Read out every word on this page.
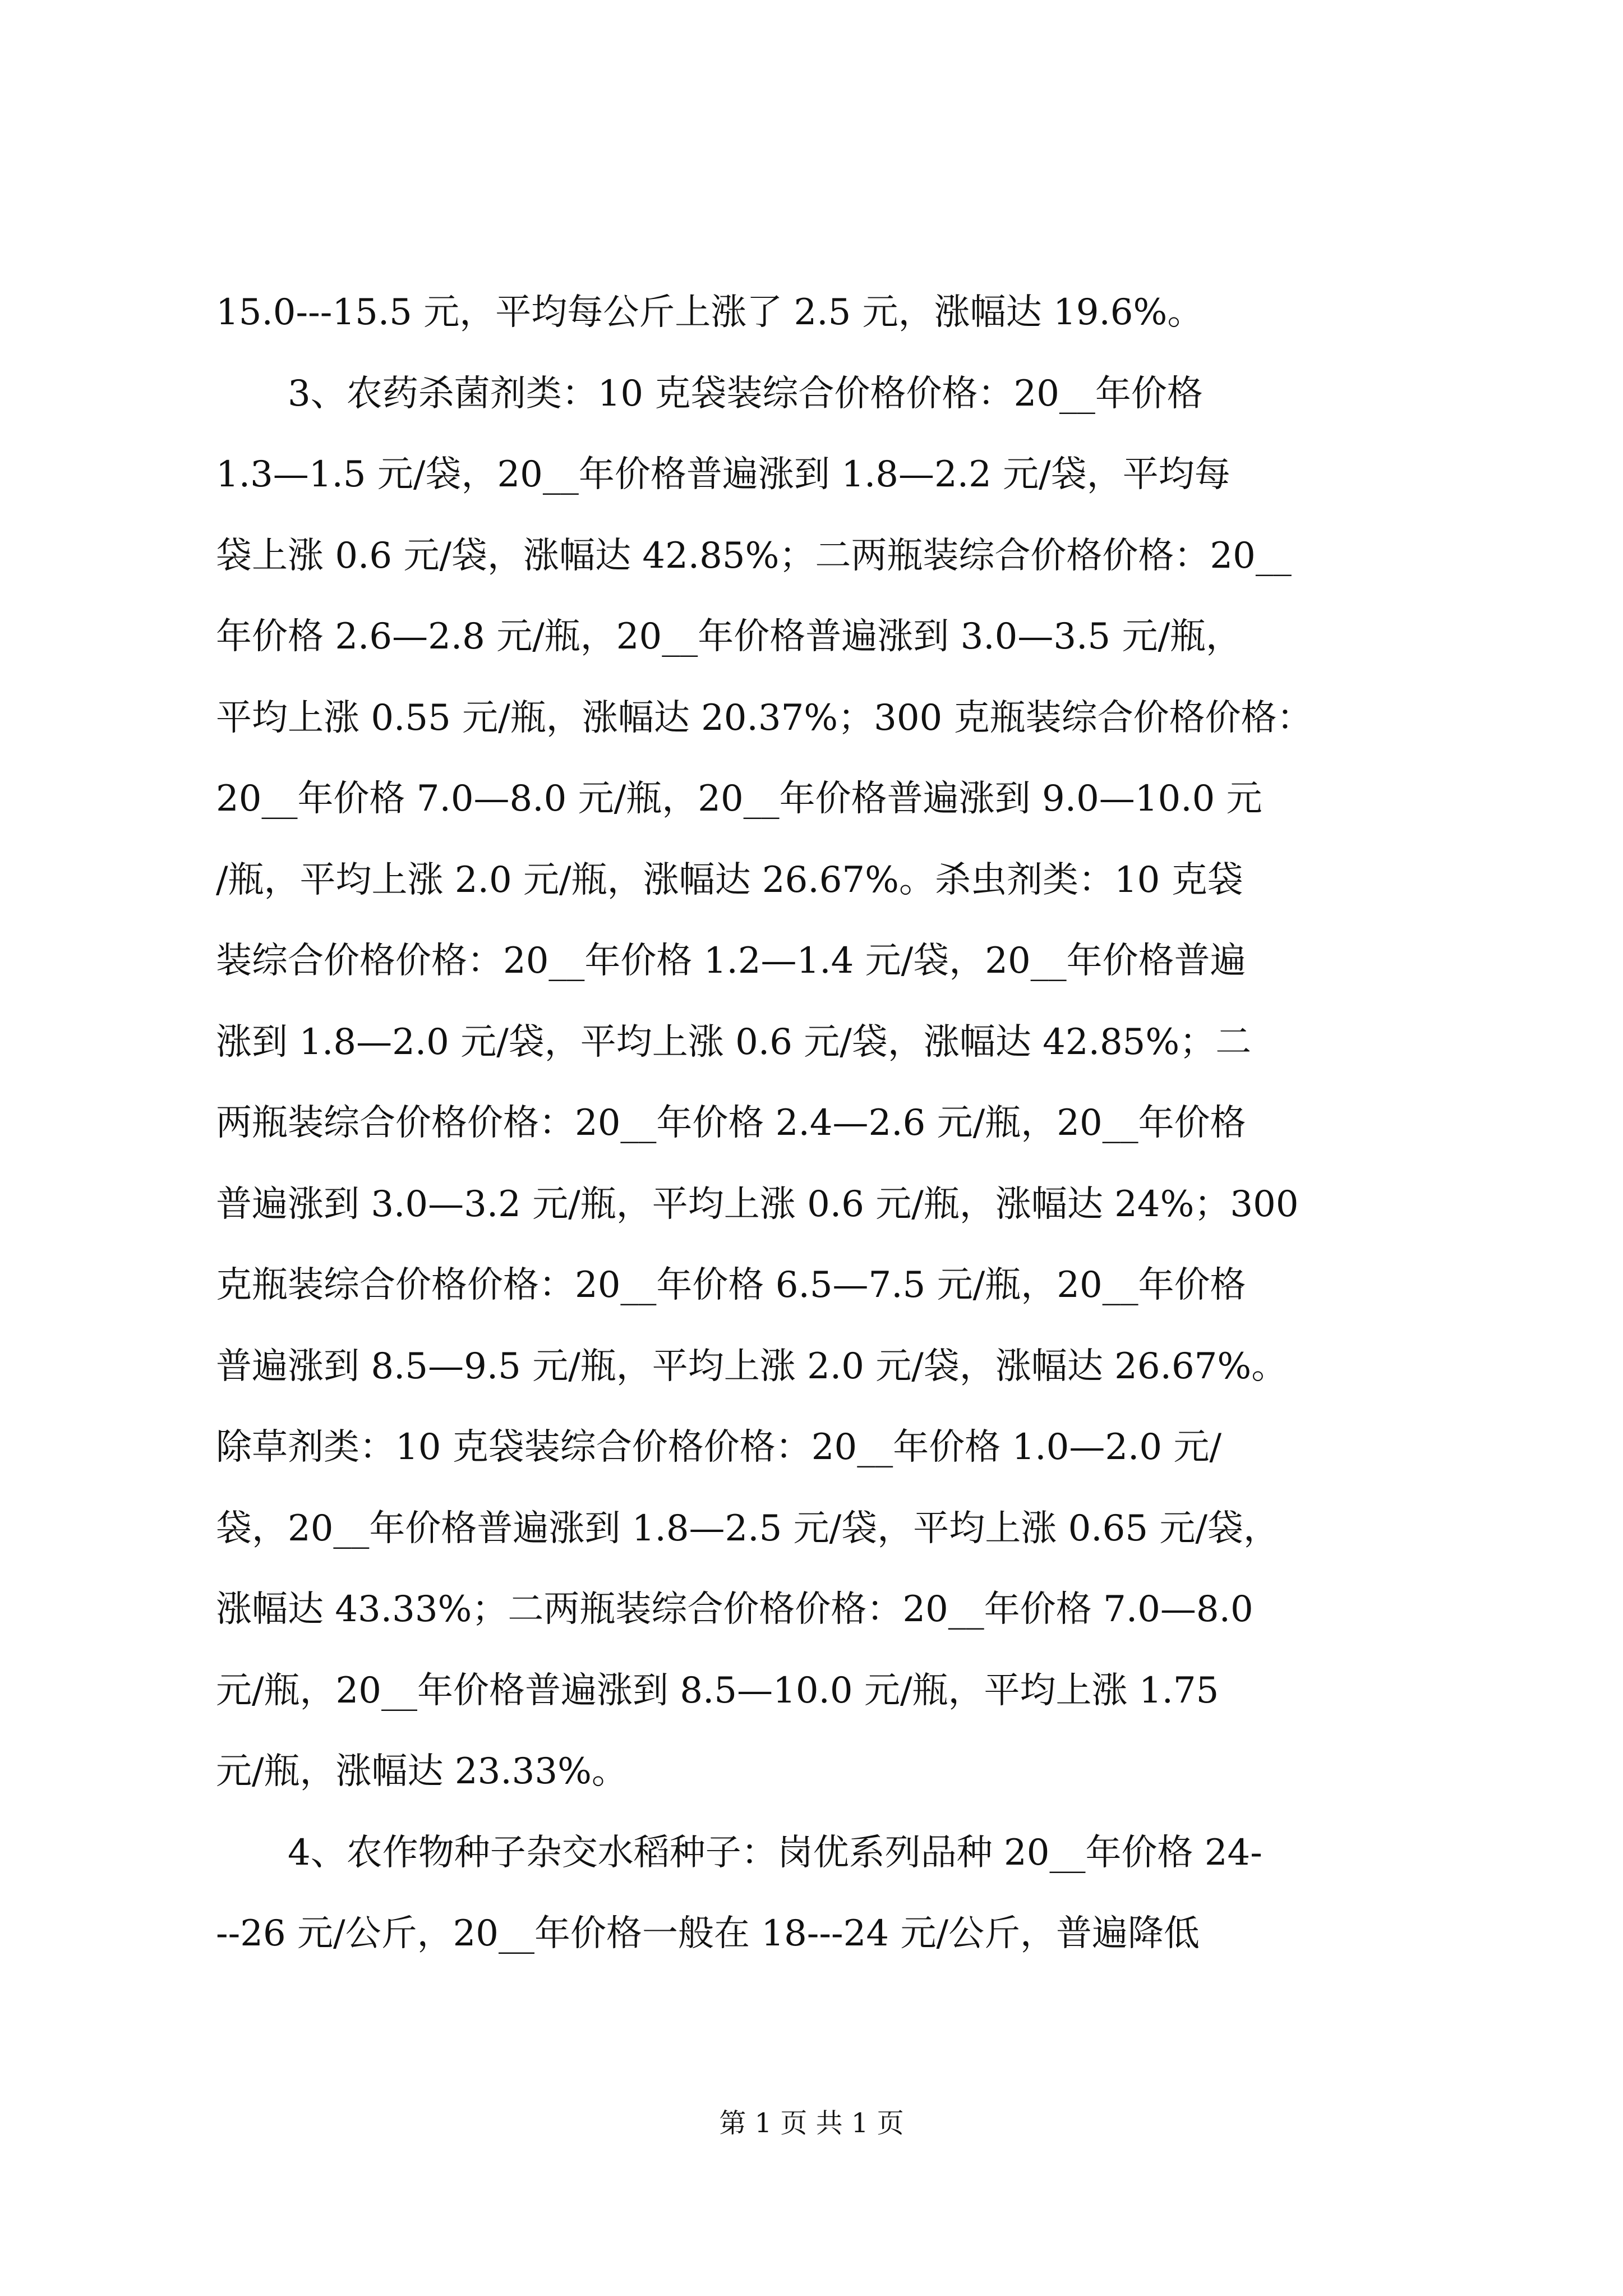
15.0---15.5 元，平均每公斤上涨了 2.5 元，涨幅达 19.6%。
　　3、农药杀菌剂类：10 克袋装综合价格价格：20__年价格
1.3—1.5 元/袋，20__年价格普遍涨到 1.8—2.2 元/袋，平均每
袋上涨 0.6 元/袋，涨幅达 42.85%；二两瓶装综合价格价格：20__
年价格 2.6—2.8 元/瓶，20__年价格普遍涨到 3.0—3.5 元/瓶，
平均上涨 0.55 元/瓶，涨幅达 20.37%；300 克瓶装综合价格价格：
20__年价格 7.0—8.0 元/瓶，20__年价格普遍涨到 9.0—10.0 元
/瓶，平均上涨 2.0 元/瓶，涨幅达 26.67%。杀虫剂类：10 克袋
装综合价格价格：20__年价格 1.2—1.4 元/袋，20__年价格普遍
涨到 1.8—2.0 元/袋，平均上涨 0.6 元/袋，涨幅达 42.85%；二
两瓶装综合价格价格：20__年价格 2.4—2.6 元/瓶，20__年价格
普遍涨到 3.0—3.2 元/瓶，平均上涨 0.6 元/瓶，涨幅达 24%；300
克瓶装综合价格价格：20__年价格 6.5—7.5 元/瓶，20__年价格
普遍涨到 8.5—9.5 元/瓶，平均上涨 2.0 元/袋，涨幅达 26.67%。
除草剂类：10 克袋装综合价格价格：20__年价格 1.0—2.0 元/
袋，20__年价格普遍涨到 1.8—2.5 元/袋，平均上涨 0.65 元/袋，
涨幅达 43.33%；二两瓶装综合价格价格：20__年价格 7.0—8.0
元/瓶，20__年价格普遍涨到 8.5—10.0 元/瓶，平均上涨 1.75
元/瓶，涨幅达 23.33%。
　　4、农作物种子杂交水稻种子：岗优系列品种 20__年价格 24-
--26 元/公斤，20__年价格一般在 18---24 元/公斤，普遍降低
第 1 页 共 1 页
